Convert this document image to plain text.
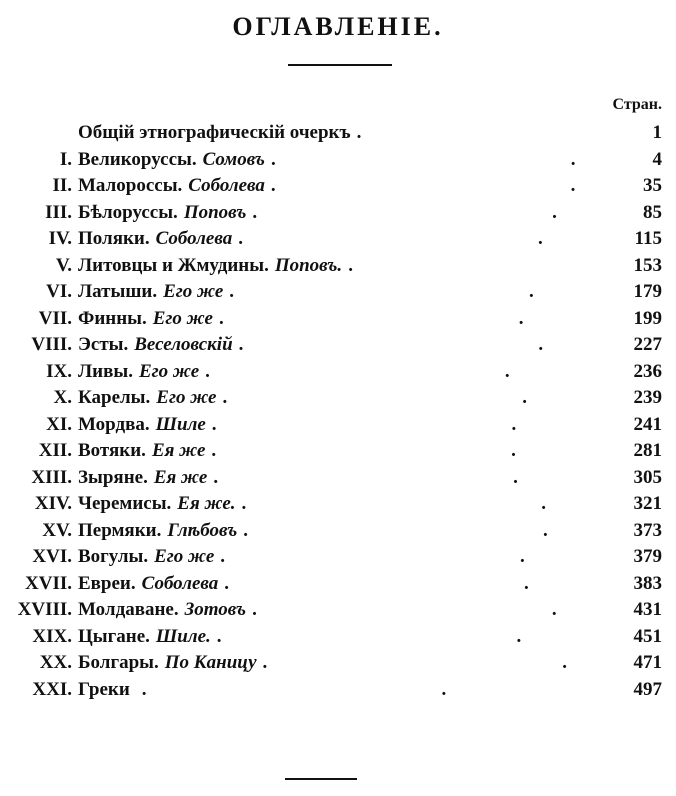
ОГЛАВЛЕНІЕ.
Стран.
Общій этнографическій очеркъ .	1
I. Великоруссы. Сомовъ .	4
II. Малороссы. Соболева .	35
III. Бѣлоруссы. Поповъ .	85
IV. Поляки. Соболева .	115
V. Литовцы и Жмудины. Поповъ. .	153
VI. Латыши. Его же .	179
VII. Финны. Его же .	199
VIII. Эсты. Веселовскій .	227
IX. Ливы. Его же .	236
X. Карелы. Его же .	239
XI. Мордва. Шиле .	241
XII. Вотяки. Ея же .	281
XIII. Зыряне. Ея же .	305
XIV. Черемисы. Ея же. .	321
XV. Пермяки. Глѣбовъ .	373
XVI. Вогулы. Его же .	379
XVII. Евреи. Соболева .	383
XVIII. Молдаване. Зотовъ .	431
XIX. Цыгане. Шиле. .	451
XX. Болгары. По Каницу .	471
XXI. Греки .	497
